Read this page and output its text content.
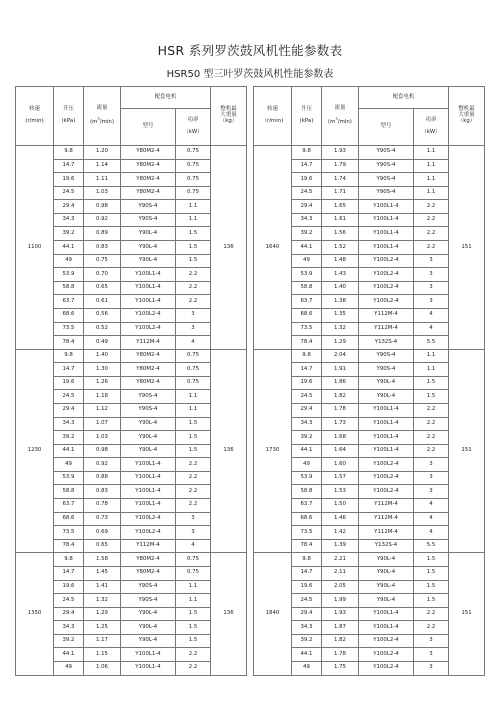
HSR 系列罗茨鼓风机性能参数表
HSR50 型三叶罗茨鼓风机性能参数表
转速

(r/min)	升压

(kPa)	流量

$(m^3/\min)$	配套电机		整机最
大重量
（kg）

			型号	功率

（kW）	

1100	9.8	1.20	Y80M2-4	0.75	136
	14.7	1.14	Y80M2-4	0.75	
	19.6	1.11	Y80M2-4	0.75	
	24.5	1.03	Y80M2-4	0.75	
	29.4	0.98	Y90S-4	1.1	
	34.3	0.92	Y90S-4	1.1	
	39.2	0.89	Y90L-4	1.5	
	44.1	0.83	Y90L-4	1.5	
	49	0.75	Y90L-4	1.5	
	53.9	0.70	Y100L1-4	2.2	
	58.8	0.65	Y100L1-4	2.2	
	63.7	0.61	Y100L1-4	2.2	
	68.6	0.56	Y100L2-4	3	
	73.5	0.52	Y100L2-4	3	
	78.4	0.49	Y112M-4	4	
1230	9.8	1.40	Y80M2-4	0.75	136
	14.7	1.30	Y80M2-4	0.75	
	19.6	1.26	Y80M2-4	0.75	
	24.5	1.18	Y90S-4	1.1	
	29.4	1.12	Y90S-4	1.1	
	34.3	1.07	Y90L-4	1.5	
	39.2	1.03	Y90L-4	1.5	
	44.1	0.98	Y90L-4	1.5	
	49	0.92	Y100L1-4	2.2	
	53.9	0.88	Y100L1-4	2.2	
	58.8	0.83	Y100L1-4	2.2	
	63.7	0.78	Y100L1-4	2.2	
	68.6	0.73	Y100L2-4	3	
	73.5	0.69	Y100L2-4	3	
	78.4	0.65	Y112M-4	4	
1350	9.8	1.58	Y80M2-4	0.75	136
	14.7	1.45	Y80M2-4	0.75	
	19.6	1.41	Y90S-4	1.1	
	24.5	1.32	Y90S-4	1.1	
	29.4	1.29	Y90L-4	1.5	
	34.3	1.25	Y90L-4	1.5	
	39.2	1.17	Y90L-4	1.5	
	44.1	1.15	Y100L1-4	2.2	
	49	1.06	Y100L1-4	2.2	
转速

（r/min)	升压

(kPa)	流量

$(m^3/\min)$	配套电机		整机最
大重量
（kg）

			型号	功率

（kW）	

1640	9.8	1.93	Y90S-4	1.1	151
	14.7	1.79	Y90S-4	1.1	
	19.6	1.74	Y90S-4	1.1	
	24.5	1.71	Y90S-4	1.1	
	29.4	1.65	Y100L1-4	2.2	
	34.3	1.61	Y100L1-4	2.2	
	39.2	1.56	Y100L1-4	2.2	
	44.1	1.52	Y100L1-4	2.2	
	49	1.48	Y100L2-4	3	
	53.9	1.43	Y100L2-4	3	
	58.8	1.40	Y100L2-4	3	
	63.7	1.38	Y100L2-4	3	
	68.6	1.35	Y112M-4	4	
	73.5	1.32	Y112M-4	4	
	78.4	1.29	Y132S-4	5.5	
1730	9.8	2.04	Y90S-4	1.1	151
	14.7	1.91	Y90S-4	1.1	
	19.6	1.86	Y90L-4	1.5	
	24.5	1.82	Y90L-4	1.5	
	29.4	1.78	Y100L1-4	2.2	
	34.3	1.73	Y100L1-4	2.2	
	39.2	1.68	Y100L1-4	2.2	
	44.1	1.64	Y100L1-4	2.2	
	49	1.60	Y100L2-4	3	
	53.9	1.57	Y100L2-4	3	
	58.8	1.53	Y100L2-4	3	
	63.7	1.50	Y112M-4	4	
	68.6	1.46	Y112M-4	4	
	73.5	1.42	Y112M-4	4	
	78.4	1.39	Y132S-4	5.5	
1840	9.8	2.21	Y90L-4	1.5	151
	14.7	2.11	Y90L-4	1.5	
	19.6	2.05	Y90L-4	1.5	
	24.5	1.99	Y90L-4	1.5	
	29.4	1.93	Y100L1-4	2.2	
	34.3	1.87	Y100L1-4	2.2	
	39.2	1.82	Y100L2-4	3	
	44.1	1.78	Y100L2-4	3	
	49	1.75	Y100L2-4	3	
